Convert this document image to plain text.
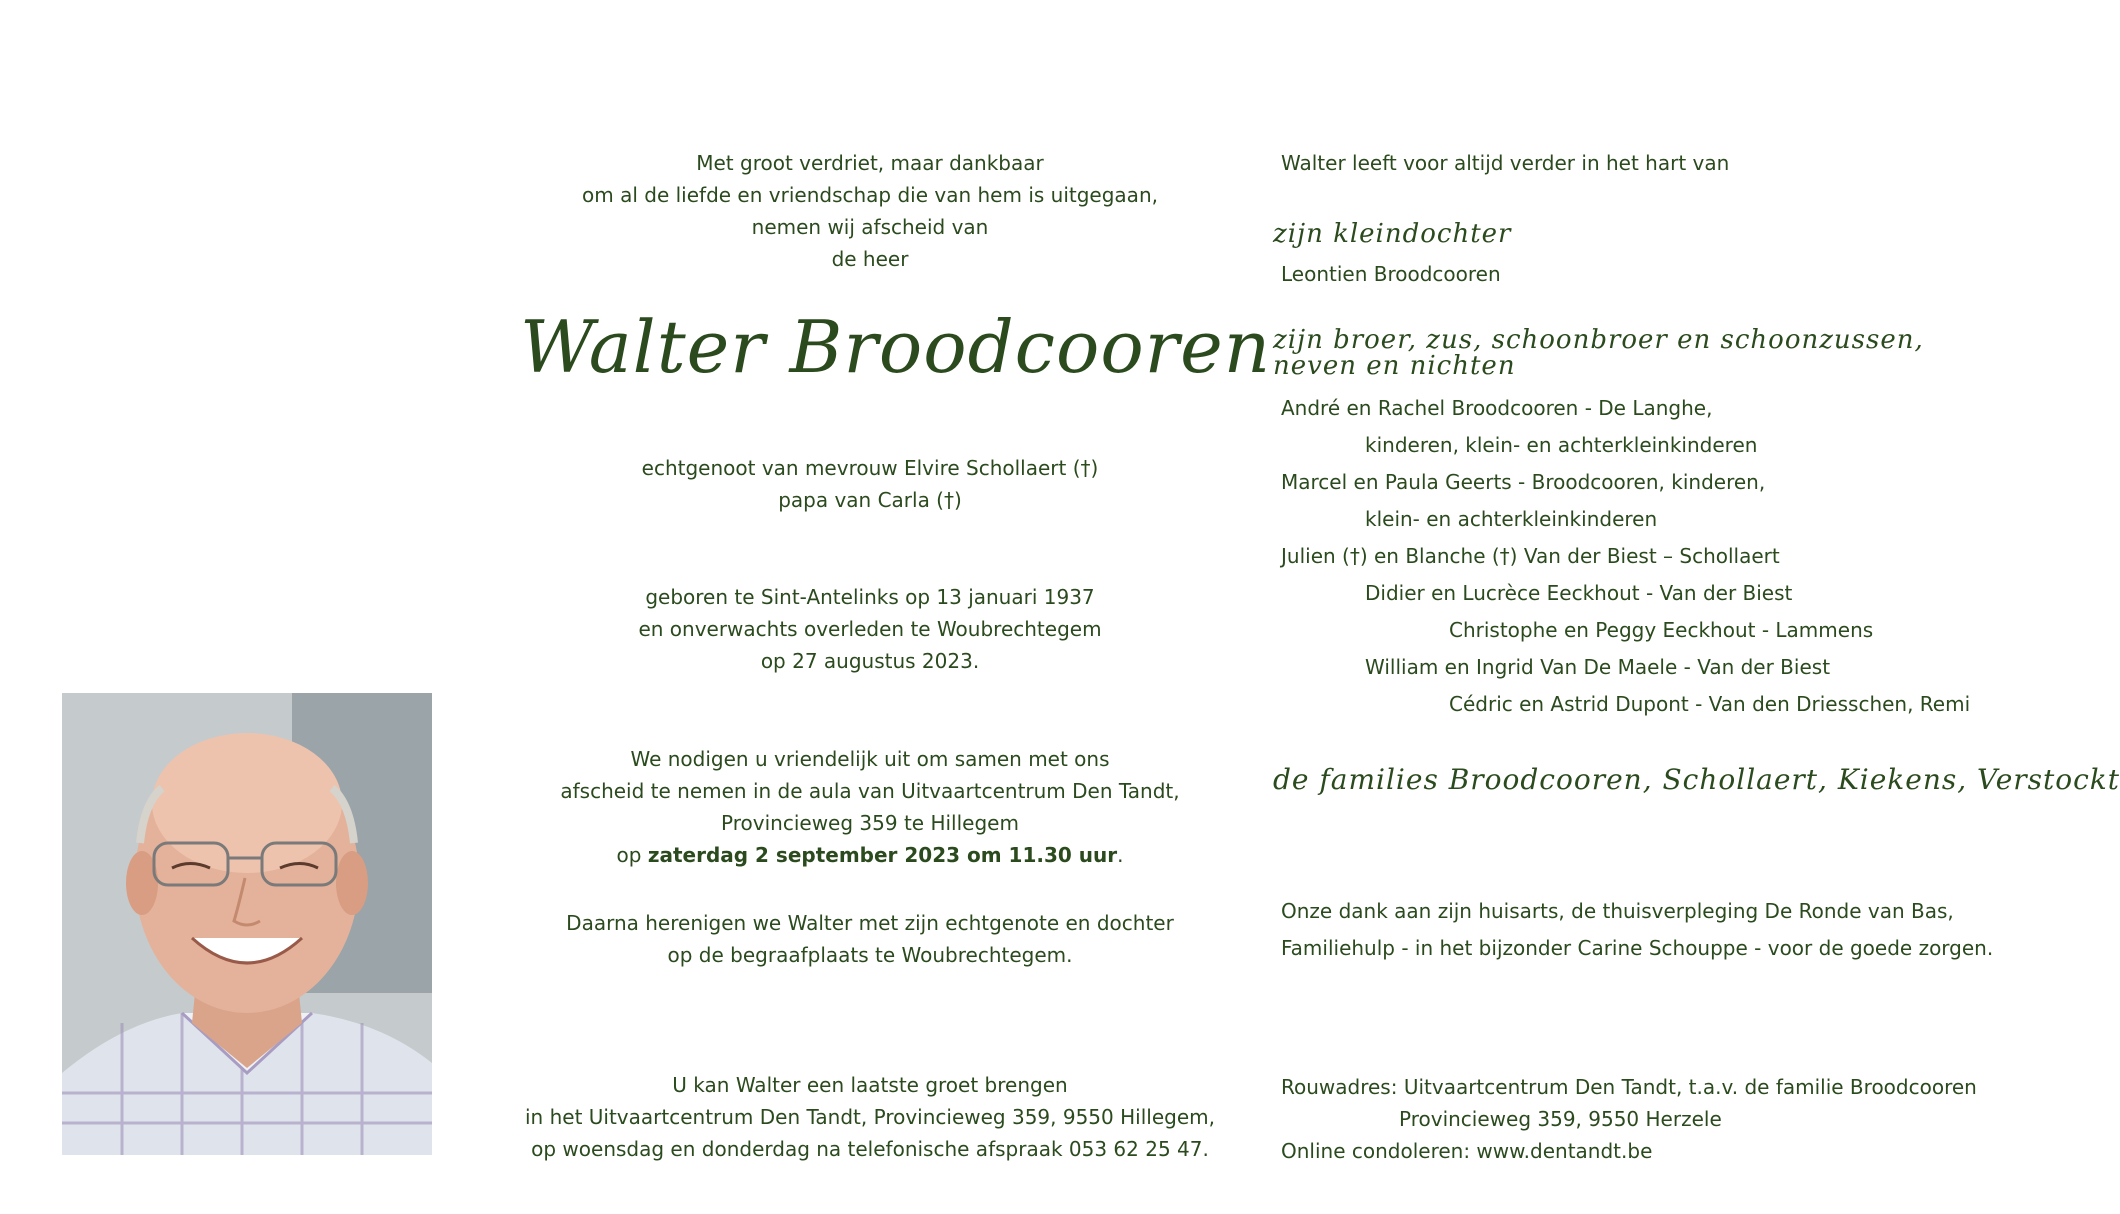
Met groot verdriet, maar dankbaar
om al de liefde en vriendschap die van hem is uitgegaan,
nemen wij afscheid van
de heer
Walter Broodcooren
echtgenoot van mevrouw Elvire Schollaert (†)
papa van Carla (†)
geboren te Sint-Antelinks op 13 januari 1937
en onverwachts overleden te Woubrechtegem
op 27 augustus 2023.
We nodigen u vriendelijk uit om samen met ons
afscheid te nemen in de aula van Uitvaartcentrum Den Tandt,
Provincieweg 359 te Hillegem
op zaterdag 2 september 2023 om 11.30 uur.
Daarna herenigen we Walter met zijn echtgenote en dochter
op de begraafplaats te Woubrechtegem.
U kan Walter een laatste groet brengen
in het Uitvaartcentrum Den Tandt, Provincieweg 359, 9550 Hillegem,
op woensdag en donderdag na telefonische afspraak 053 62 25 47.
Walter leeft voor altijd verder in het hart van
zijn kleindochter
Leontien Broodcooren
zijn broer, zus, schoonbroer en schoonzussen,
neven en nichten
André en Rachel Broodcooren - De Langhe,
kinderen, klein- en achterkleinkinderen
Marcel en Paula Geerts - Broodcooren, kinderen,
klein- en achterkleinkinderen
Julien (†) en Blanche (†) Van der Biest – Schollaert
Didier en Lucrèce Eeckhout - Van der Biest
Christophe en Peggy Eeckhout - Lammens
William en Ingrid Van De Maele - Van der Biest
Cédric en Astrid Dupont - Van den Driesschen, Remi
de families Broodcooren, Schollaert, Kiekens, Verstockt
Onze dank aan zijn huisarts, de thuisverpleging De Ronde van Bas,
Familiehulp - in het bijzonder Carine Schouppe - voor de goede zorgen.
Rouwadres: Uitvaartcentrum Den Tandt, t.a.v. de familie Broodcooren
Provincieweg 359, 9550 Herzele
Online condoleren: www.dentandt.be
